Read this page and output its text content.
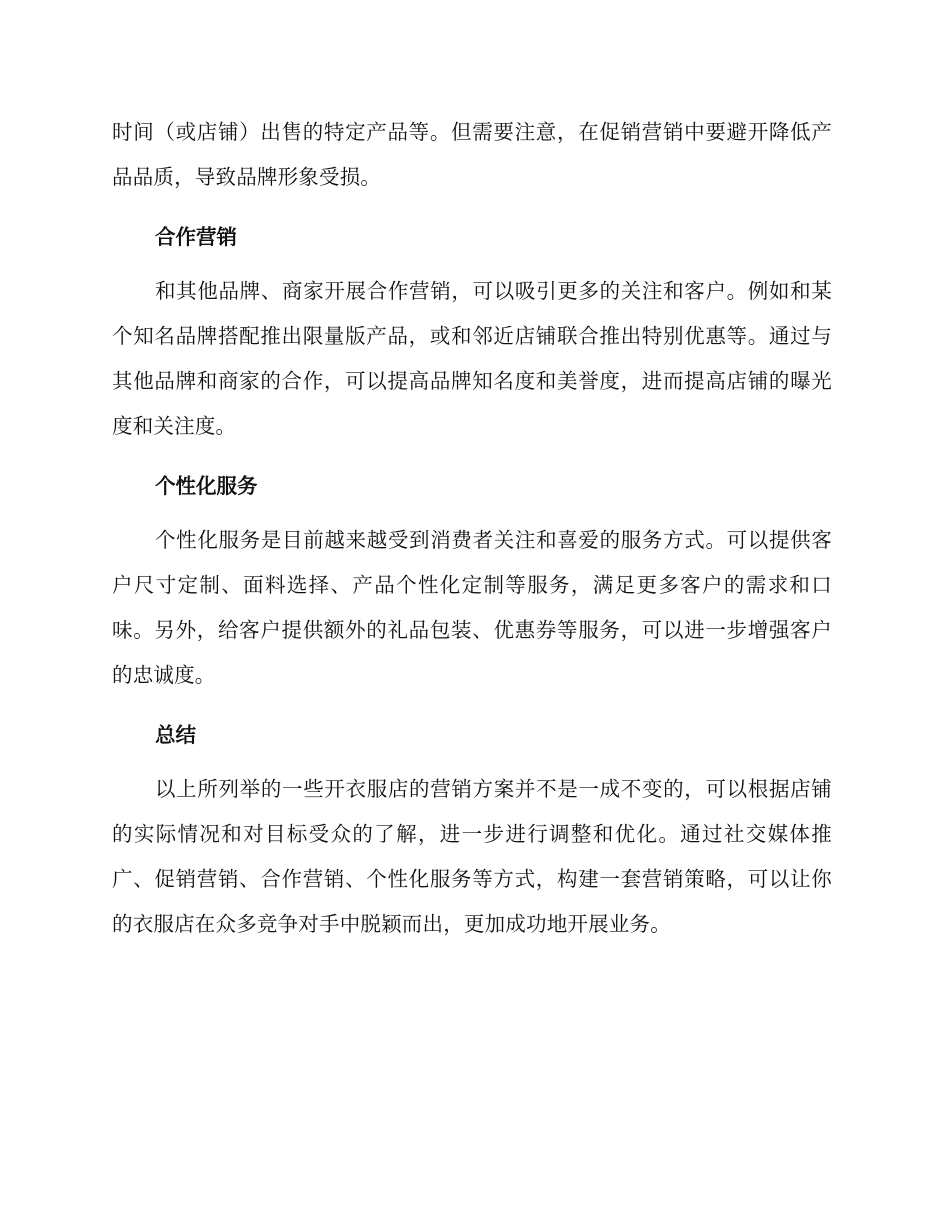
时间（或店铺）出售的特定产品等。但需要注意，在促销营销中要避开降低产品品质，导致品牌形象受损。

合作营销

和其他品牌、商家开展合作营销，可以吸引更多的关注和客户。例如和某个知名品牌搭配推出限量版产品，或和邻近店铺联合推出特别优惠等。通过与其他品牌和商家的合作，可以提高品牌知名度和美誉度，进而提高店铺的曝光度和关注度。

个性化服务

个性化服务是目前越来越受到消费者关注和喜爱的服务方式。可以提供客户尺寸定制、面料选择、产品个性化定制等服务，满足更多客户的需求和口味。另外，给客户提供额外的礼品包装、优惠券等服务，可以进一步增强客户的忠诚度。

总结

以上所列举的一些开衣服店的营销方案并不是一成不变的，可以根据店铺的实际情况和对目标受众的了解，进一步进行调整和优化。通过社交媒体推广、促销营销、合作营销、个性化服务等方式，构建一套营销策略，可以让你的衣服店在众多竞争对手中脱颖而出，更加成功地开展业务。
